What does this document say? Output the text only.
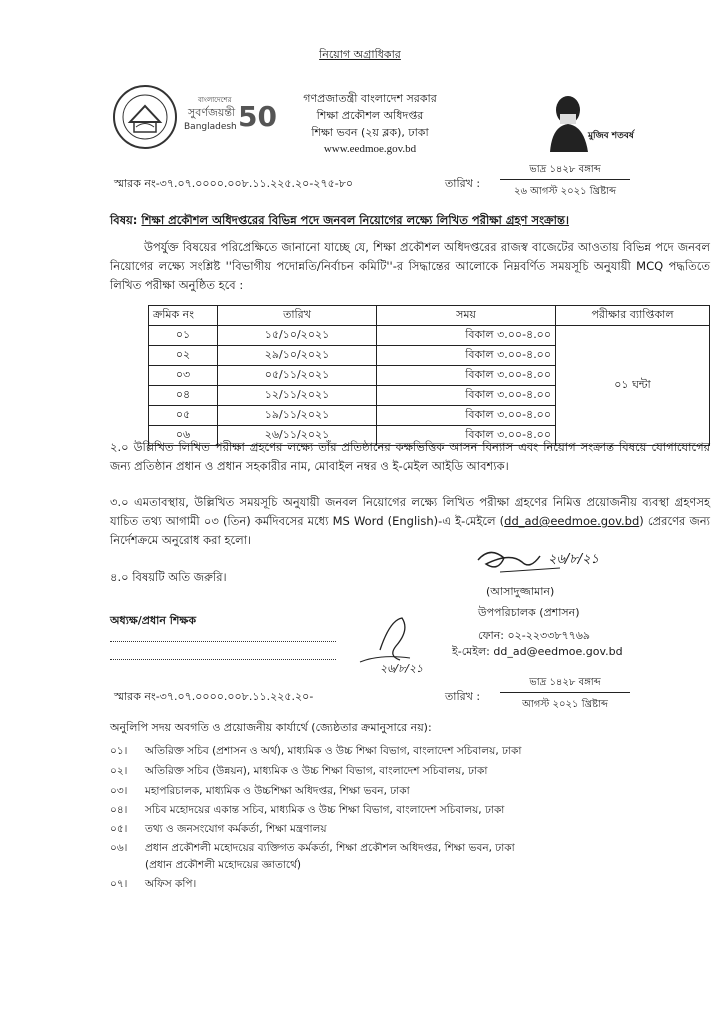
নিয়োগ অগ্রাধিকার
বাংলাদেশের
সুবর্ণজয়ন্তী
Bangladesh 50
গণপ্রজাতন্ত্রী বাংলাদেশ সরকার
শিক্ষা প্রকৌশল অধিদপ্তর
শিক্ষা ভবন (২য় ব্লক), ঢাকা
www.eedmoe.gov.bd
মুজিব শতবর্ষ
স্মারক নং-৩৭.০৭.০০০০.০০৮.১১.২২৫.২০-২৭৫-৮০	তারিখ :
ভাদ্র ১৪২৮ বঙ্গাব্দ
২৬ আগস্ট ২০২১ খ্রিষ্টাব্দ
বিষয়: শিক্ষা প্রকৌশল অধিদপ্তরের বিভিন্ন পদে জনবল নিয়োগের লক্ষ্যে লিখিত পরীক্ষা গ্রহণ সংক্রান্ত।
উপর্যুক্ত বিষয়ের পরিপ্রেক্ষিতে জানানো যাচ্ছে যে, শিক্ষা প্রকৌশল অধিদপ্তরের রাজস্ব বাজেটের আওতায় বিভিন্ন পদে জনবল নিয়োগের লক্ষ্যে সংশ্লিষ্ট ''বিভাগীয় পদোন্নতি/নির্বাচন কমিটি''-র সিদ্ধান্তের আলোকে নিম্নবর্ণিত সময়সূচি অনুযায়ী MCQ পদ্ধতিতে লিখিত পরীক্ষা অনুষ্ঠিত হবে :
ক্রমিক নং	তারিখ	সময়	পরীক্ষার ব্যাপ্তিকাল
০১	১৫/১০/২০২১	বিকাল ৩.০০-৪.০০	০১ ঘন্টা
০২	২৯/১০/২০২১	বিকাল ৩.০০-৪.০০	
০৩	০৫/১১/২০২১	বিকাল ৩.০০-৪.০০	
০৪	১২/১১/২০২১	বিকাল ৩.০০-৪.০০	
০৫	১৯/১১/২০২১	বিকাল ৩.০০-৪.০০	
০৬	২৬/১১/২০২১	বিকাল ৩.০০-৪.০০	
২.০ উল্লিখিত লিখিত পরীক্ষা গ্রহণের লক্ষ্যে তাঁর প্রতিষ্ঠানের কক্ষভিত্তিক আসন বিন্যাস এবং নিয়োগ সংক্রান্ত বিষয়ে যোগাযোগের জন্য প্রতিষ্ঠান প্রধান ও প্রধান সহকারীর নাম, মোবাইল নম্বর ও ই-মেইল আইডি আবশ্যক।
৩.০ এমতাবস্থায়, উল্লিখিত সময়সূচি অনুযায়ী জনবল নিয়োগের লক্ষ্যে লিখিত পরীক্ষা গ্রহণের নিমিত্ত প্রয়োজনীয় ব্যবস্থা গ্রহণসহ যাচিত তথ্য আগামী ০৩ (তিন) কর্মদিবসের মধ্যে MS Word (English)-এ ই-মেইলে (dd_ad@eedmoe.gov.bd) প্রেরণের জন্য নির্দেশক্রমে অনুরোধ করা হলো।
৪.০ বিষয়টি অতি জরুরি।
২৬/৮/২১
(আসাদুজ্জামান)
উপপরিচালক (প্রশাসন)
ফোন: ০২-২২৩৩৮৭৭৬৯
ই-মেইল: dd_ad@eedmoe.gov.bd
২৬/৮/২১
অধ্যক্ষ/প্রধান শিক্ষক
স্মারক নং-৩৭.০৭.০০০০.০০৮.১১.২২৫.২০-	তারিখ :
ভাদ্র ১৪২৮ বঙ্গাব্দ
আগস্ট ২০২১ খ্রিষ্টাব্দ
অনুলিপি সদয় অবগতি ও প্রয়োজনীয় কার্যার্থে (জ্যেষ্ঠতার ক্রমানুসারে নয়):
০১।	অতিরিক্ত সচিব (প্রশাসন ও অর্থ), মাধ্যমিক ও উচ্চ শিক্ষা বিভাগ, বাংলাদেশ সচিবালয়, ঢাকা
০২।	অতিরিক্ত সচিব (উন্নয়ন), মাধ্যমিক ও উচ্চ শিক্ষা বিভাগ, বাংলাদেশ সচিবালয়, ঢাকা
০৩।	মহাপরিচালক, মাধ্যমিক ও উচ্চশিক্ষা অধিদপ্তর, শিক্ষা ভবন, ঢাকা
০৪।	সচিব মহোদয়ের একান্ত সচিব, মাধ্যমিক ও উচ্চ শিক্ষা বিভাগ, বাংলাদেশ সচিবালয়, ঢাকা
০৫।	তথ্য ও জনসংযোগ কর্মকর্তা, শিক্ষা মন্ত্রণালয়
০৬।	প্রধান প্রকৌশলী মহোদয়ের ব্যক্তিগত কর্মকর্তা, শিক্ষা প্রকৌশল অধিদপ্তর, শিক্ষা ভবন, ঢাকা
(প্রধান প্রকৌশলী মহোদয়ের জ্ঞাতার্থে)
০৭।	অফিস কপি।
